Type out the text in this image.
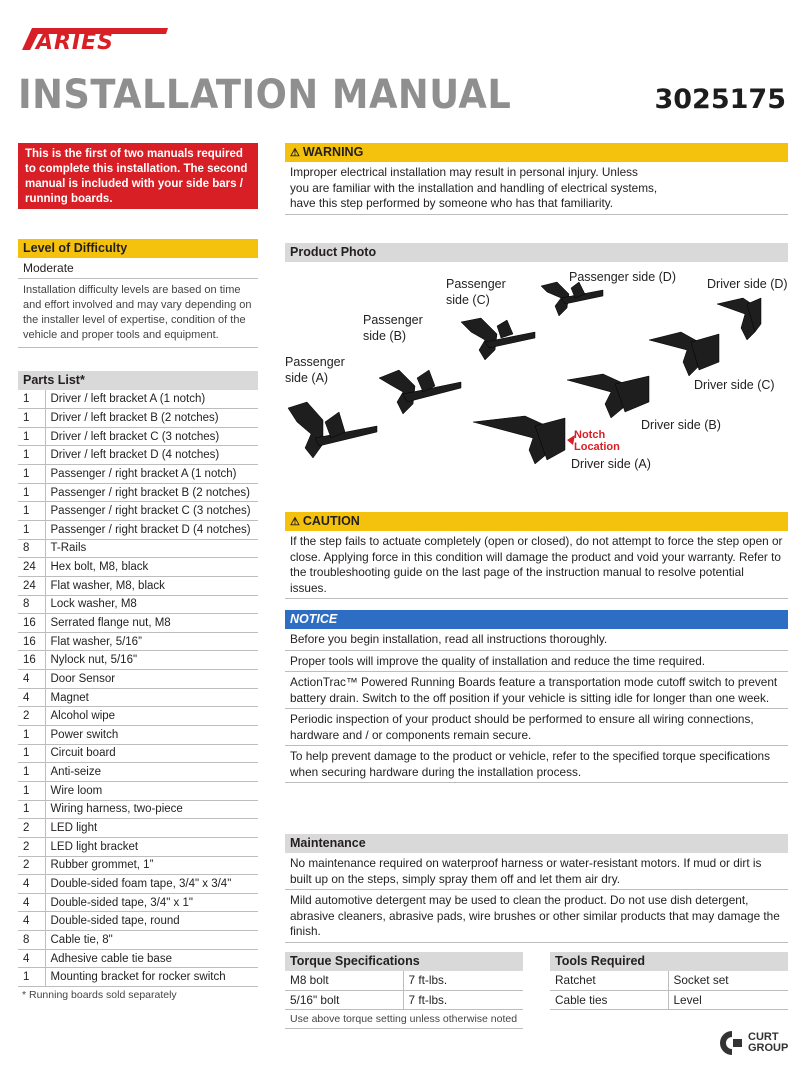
ARIES
INSTALLATION MANUAL	3025175
This is the first of two manuals required to complete this installation. The second manual is included with your side bars / running boards.
Level of Difficulty
Moderate
Installation difficulty levels are based on time and effort involved and may vary depending on the installer level of expertise, condition of the vehicle and proper tools and equipment.
Parts List*
1	Driver / left bracket A (1 notch)
1	Driver / left bracket B (2 notches)
1	Driver / left bracket C (3 notches)
1	Driver / left bracket D (4 notches)
1	Passenger / right bracket A (1 notch)
1	Passenger / right bracket B (2 notches)
1	Passenger / right bracket C (3 notches)
1	Passenger / right bracket D (4 notches)
8	T-Rails
24	Hex bolt, M8, black
24	Flat washer, M8, black
8	Lock washer, M8
16	Serrated flange nut, M8
16	Flat washer, 5/16”
16	Nylock nut, 5/16"
4	Door Sensor
4	Magnet
2	Alcohol wipe
1	Power switch
1	Circuit board
1	Anti-seize
1	Wire loom
1	Wiring harness, two-piece
2	LED light
2	LED light bracket
2	Rubber grommet, 1”
4	Double-sided foam tape, 3/4" x 3/4"
4	Double-sided tape, 3/4" x 1"
4	Double-sided tape, round
8	Cable tie, 8"
4	Adhesive cable tie base
1	Mounting bracket for rocker switch
* Running boards sold separately
⚠ WARNING
Improper electrical installation may result in personal injury. Unless
you are familiar with the installation and handling of electrical systems,
have this step performed by someone who has that familiarity.
Product Photo
Passenger side (A)
Passenger side (B)
Passenger side (C)
Passenger side (D)	Driver side (D)
Driver side (C)
Driver side (B)
Driver side (A)
Notch Location
⚠ CAUTION
If the step fails to actuate completely (open or closed), do not attempt to force the step open or close. Applying force in this condition will damage the product and void your warranty. Refer to the troubleshooting guide on the last page of the instruction manual to resolve potential issues.
NOTICE
Before you begin installation, read all instructions thoroughly.
Proper tools will improve the quality of installation and reduce the time required.
ActionTrac™ Powered Running Boards feature a transportation mode cutoff switch to prevent battery drain. Switch to the off position if your vehicle is sitting idle for longer than one week.
Periodic inspection of your product should be performed to ensure all wiring connections, hardware and / or components remain secure.
To help prevent damage to the product or vehicle, refer to the specified torque specifications when securing hardware during the installation process.
Maintenance
No maintenance required on waterproof harness or water-resistant motors. If mud or dirt is built up on the steps, simply spray them off and let them air dry.
Mild automotive detergent may be used to clean the product. Do not use dish detergent, abrasive cleaners, abrasive pads, wire brushes or other similar products that may damage the finish.
Torque Specifications
M8 bolt	7 ft-lbs.
5/16" bolt	7 ft-lbs.
Use above torque setting unless otherwise noted
Tools Required
Ratchet	Socket set
Cable ties	Level
CURT
GROUP
